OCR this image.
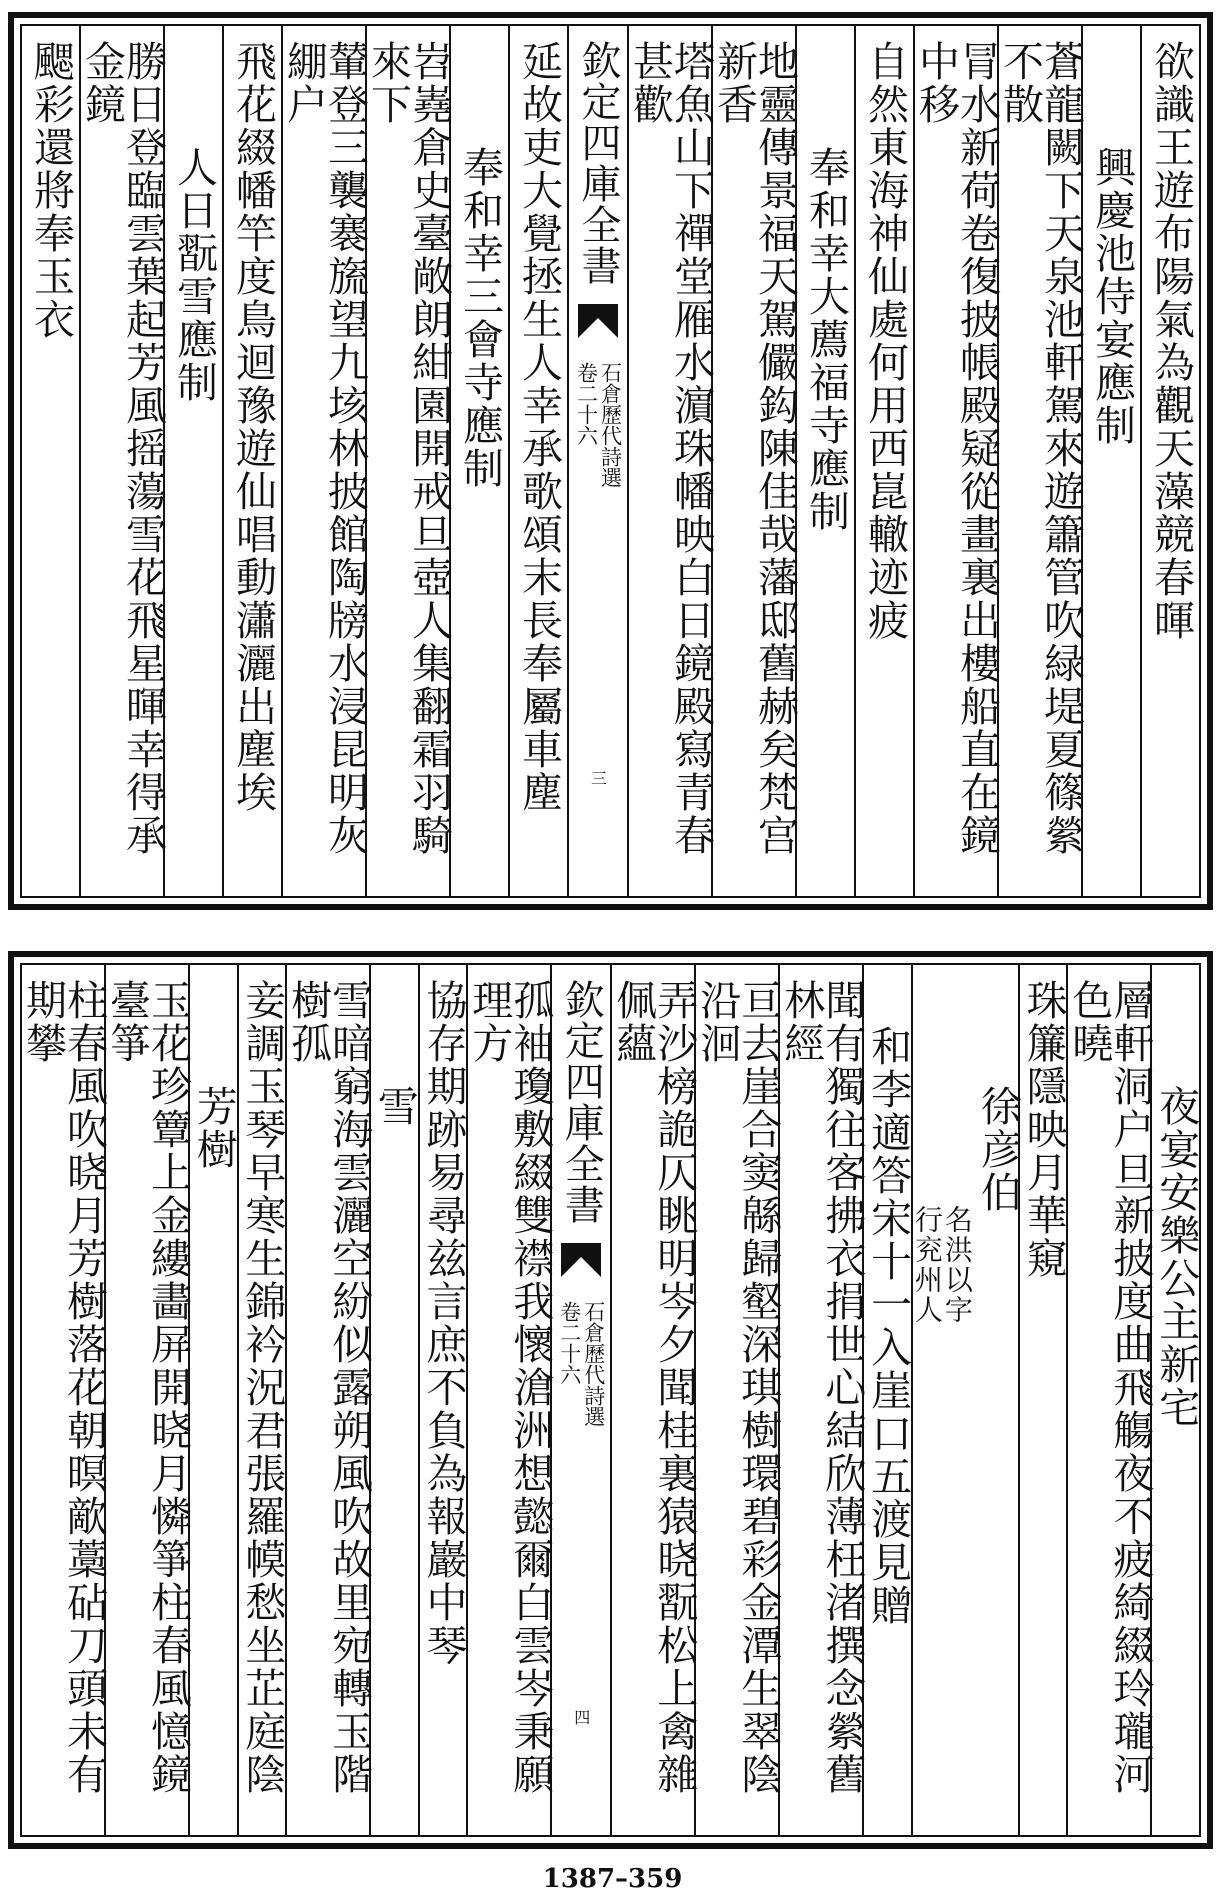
欲識王遊布陽氣為觀天藻競春暉
興慶池侍宴應制
蒼龍闕下天泉池軒駕來遊簫管吹緑堤夏篠縈不散
冐水新荷卷復披帳殿疑從畫裏出樓船直在鏡中移
自然東海神仙處何用西崑轍迹疲
奉和幸大薦福寺應制
地靈傳景福天駕儼鈎陳佳哉藩邸舊赫矣梵宫新香
塔魚山下禪堂雁水濵珠幡映白日鏡殿寫青春甚歡
欽定四庫全書
石倉歷代詩選
卷二十六
三
延故吏大覺拯生人幸承歌頌末長奉屬車塵
奉和幸三會寺應制
岧嶤倉史臺敞朗紺園開戒旦壺人集翻霜羽騎來下
輦登三襲褰旒望九垓林披館陶牓水浸昆明灰綳户
飛花綴幡竿度鳥迴豫遊仙唱動瀟灑出塵埃
人日翫雪應制
勝日登臨雲葉起芳風摇蕩雪花飛星暉幸得承金鏡
颸彩還將奉玉衣
夜宴安樂公主新宅
層軒洞户旦新披度曲飛觴夜不疲綺綴玲瓏河色曉
珠簾隱映月華窺
名洪以字
行兖州人
徐彦伯
和李適答宋十一入崖口五渡見贈
聞有獨往客拂衣捐世心結欣薄枉渚撰念縈舊林經
亘去崖合窦緜歸壑深琪樹環碧彩金潭生翠陰沿洄
弄沙榜詭仄眺明岑夕聞桂裏猿晓翫松上禽雜佩蘊
欽定四庫全書
石倉歷代詩選
卷二十六
四
孤袖瓊敷綴雙襟我懷滄洲想懿爾白雲岑秉願理方
協存期跡易尋兹言庶不負為報巖中琴
雪
雪暗窮海雲灑空紛似露朔風吹故里宛轉玉階樹孤
妾調玉琴早寒生錦衿況君張羅幙愁坐芷庭陰
芳樹
玉花珍簟上金縷畵屏開晓月憐箏柱春風憶鏡臺箏
柱春風吹晓月芳樹落花朝暝歒藁砧刀頭未有期攀
1387–359
